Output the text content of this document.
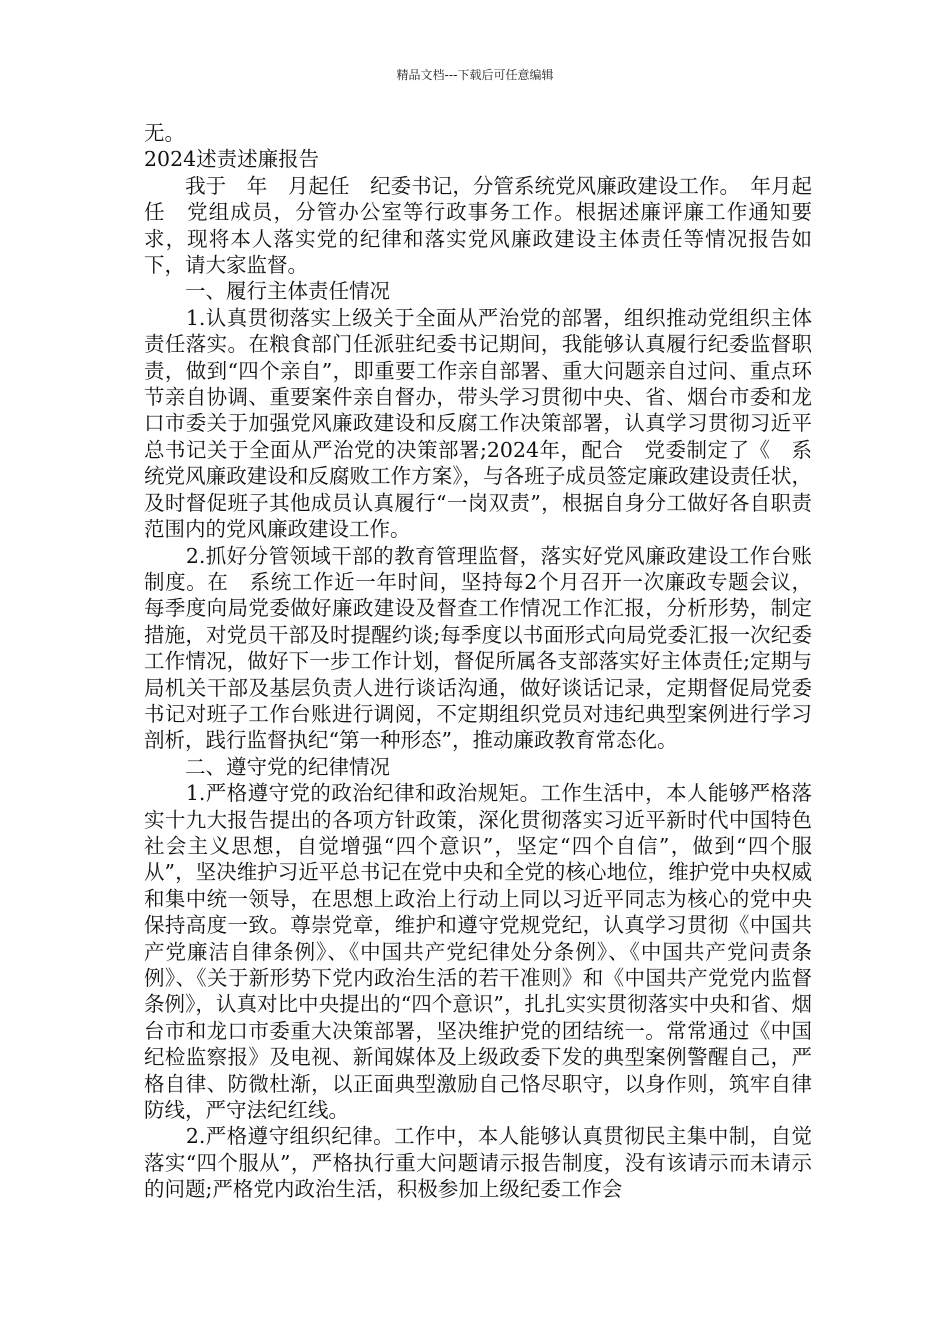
精品文档---下载后可任意编辑

无。

2024述责述廉报告

　　我于　年　月起任　纪委书记，分管系统党风廉政建设工作。　年月起任　党组成员，分管办公室等行政事务工作。根据述廉评廉工作通知要求，现将本人落实党的纪律和落实党风廉政建设主体责任等情况报告如下，请大家监督。

　　一、履行主体责任情况

　　1.认真贯彻落实上级关于全面从严治党的部署，组织推动党组织主体责任落实。在粮食部门任派驻纪委书记期间，我能够认真履行纪委监督职责，做到“四个亲自”，即重要工作亲自部署、重大问题亲自过问、重点环节亲自协调、重要案件亲自督办，带头学习贯彻中央、省、烟台市委和龙口市委关于加强党风廉政建设和反腐工作决策部署，认真学习贯彻习近平总书记关于全面从严治党的决策部署;2024年，配合　党委制定了《　系统党风廉政建设和反腐败工作方案》，与各班子成员签定廉政建设责任状，及时督促班子其他成员认真履行“一岗双责”，根据自身分工做好各自职责范围内的党风廉政建设工作。

　　2.抓好分管领域干部的教育管理监督，落实好党风廉政建设工作台账制度。在　系统工作近一年时间，坚持每2个月召开一次廉政专题会议，每季度向局党委做好廉政建设及督查工作情况工作汇报，分析形势，制定措施，对党员干部及时提醒约谈;每季度以书面形式向局党委汇报一次纪委工作情况，做好下一步工作计划，督促所属各支部落实好主体责任;定期与局机关干部及基层负责人进行谈话沟通，做好谈话记录，定期督促局党委书记对班子工作台账进行调阅，不定期组织党员对违纪典型案例进行学习剖析，践行监督执纪“第一种形态”，推动廉政教育常态化。

　　二、遵守党的纪律情况

　　1.严格遵守党的政治纪律和政治规矩。工作生活中，本人能够严格落实十九大报告提出的各项方针政策，深化贯彻落实习近平新时代中国特色社会主义思想，自觉增强“四个意识”，坚定“四个自信”，做到“四个服从”，坚决维护习近平总书记在党中央和全党的核心地位，维护党中央权威和集中统一领导，在思想上政治上行动上同以习近平同志为核心的党中央保持高度一致。尊崇党章，维护和遵守党规党纪，认真学习贯彻《中国共产党廉洁自律条例》、《中国共产党纪律处分条例》、《中国共产党问责条例》、《关于新形势下党内政治生活的若干准则》和《中国共产党党内监督条例》，认真对比中央提出的“四个意识”，扎扎实实贯彻落实中央和省、烟台市和龙口市委重大决策部署，坚决维护党的团结统一。常常通过《中国纪检监察报》及电视、新闻媒体及上级政委下发的典型案例警醒自己，严格自律、防微杜渐，以正面典型激励自己恪尽职守，以身作则，筑牢自律防线，严守法纪红线。

　　2.严格遵守组织纪律。工作中，本人能够认真贯彻民主集中制，自觉落实“四个服从”，严格执行重大问题请示报告制度，没有该请示而未请示的问题;严格党内政治生活，积极参加上级纪委工作会
